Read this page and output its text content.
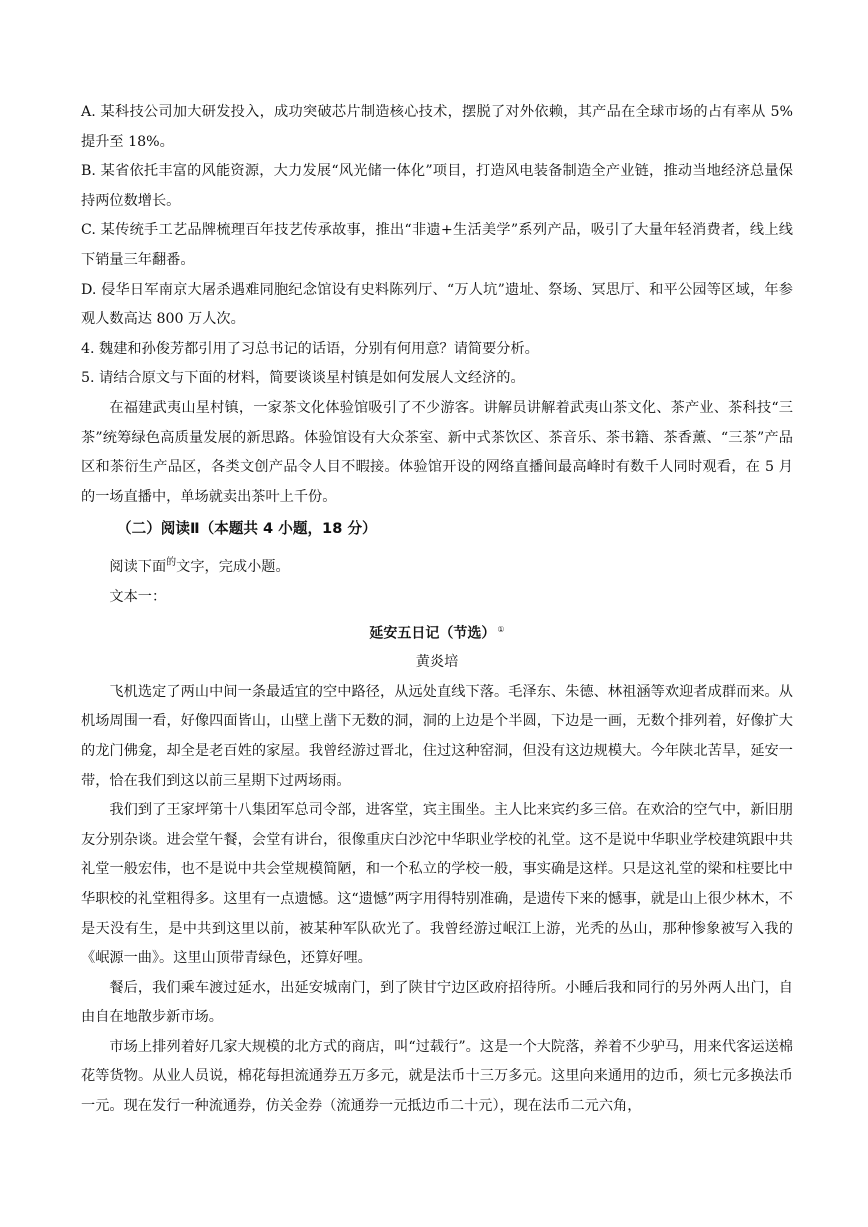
A. 某科技公司加大研发投入，成功突破芯片制造核心技术，摆脱了对外依赖，其产品在全球市场的占有率从 5%提升至 18%。

B. 某省依托丰富的风能资源，大力发展“风光储一体化”项目，打造风电装备制造全产业链，推动当地经济总量保持两位数增长。

C. 某传统手工艺品牌梳理百年技艺传承故事，推出“非遗+生活美学”系列产品，吸引了大量年轻消费者，线上线下销量三年翻番。

D. 侵华日军南京大屠杀遇难同胞纪念馆设有史料陈列厅、“万人坑”遗址、祭场、冥思厅、和平公园等区域，年参观人数高达 800 万人次。

4. 魏建和孙俊芳都引用了习总书记的话语，分别有何用意？请简要分析。

5. 请结合原文与下面的材料，简要谈谈星村镇是如何发展人文经济的。

在福建武夷山星村镇，一家茶文化体验馆吸引了不少游客。讲解员讲解着武夷山茶文化、茶产业、茶科技“三茶”统筹绿色高质量发展的新思路。体验馆设有大众茶室、新中式茶饮区、茶音乐、茶书籍、茶香薰、“三茶”产品区和茶衍生产品区，各类文创产品令人目不暇接。体验馆开设的网络直播间最高峰时有数千人同时观看，在 5 月的一场直播中，单场就卖出茶叶上千份。

（二）阅读Ⅱ（本题共 4 小题，18 分）

阅读下面$^的$文字，完成小题。

文本一：

延安五日记（节选） ①

黄炎培

飞机选定了两山中间一条最适宜的空中路径，从远处直线下落。毛泽东、朱德、林祖涵等欢迎者成群而来。从机场周围一看，好像四面皆山，山壁上凿下无数的洞，洞的上边是个半圆，下边是一画，无数个排列着，好像扩大的龙门佛龛，却全是老百姓的家屋。我曾经游过晋北，住过这种窑洞，但没有这边规模大。今年陕北苦旱，延安一带，恰在我们到这以前三星期下过两场雨。

我们到了王家坪第十八集团军总司令部，进客堂，宾主围坐。主人比来宾约多三倍。在欢洽的空气中，新旧朋友分别杂谈。进会堂午餐，会堂有讲台，很像重庆白沙沱中华职业学校的礼堂。这不是说中华职业学校建筑跟中共礼堂一般宏伟，也不是说中共会堂规模简陋，和一个私立的学校一般，事实确是这样。只是这礼堂的梁和柱要比中华职校的礼堂粗得多。这里有一点遗憾。这“遗憾”两字用得特别准确，是遗传下来的憾事，就是山上很少林木，不是天没有生，是中共到这里以前，被某种军队砍光了。我曾经游过岷江上游，光秃的丛山，那种惨象被写入我的《岷源一曲》。这里山顶带青绿色，还算好哩。

餐后，我们乘车渡过延水，出延安城南门，到了陕甘宁边区政府招待所。小睡后我和同行的另外两人出门，自由自在地散步新市场。

市场上排列着好几家大规模的北方式的商店，叫“过载行”。这是一个大院落，养着不少驴马，用来代客运送棉花等货物。从业人员说，棉花每担流通券五万多元，就是法币十三万多元。这里向来通用的边币，须七元多换法币一元。现在发行一种流通券，仿关金券（流通券一元抵边币二十元），现在法币二元六角，
